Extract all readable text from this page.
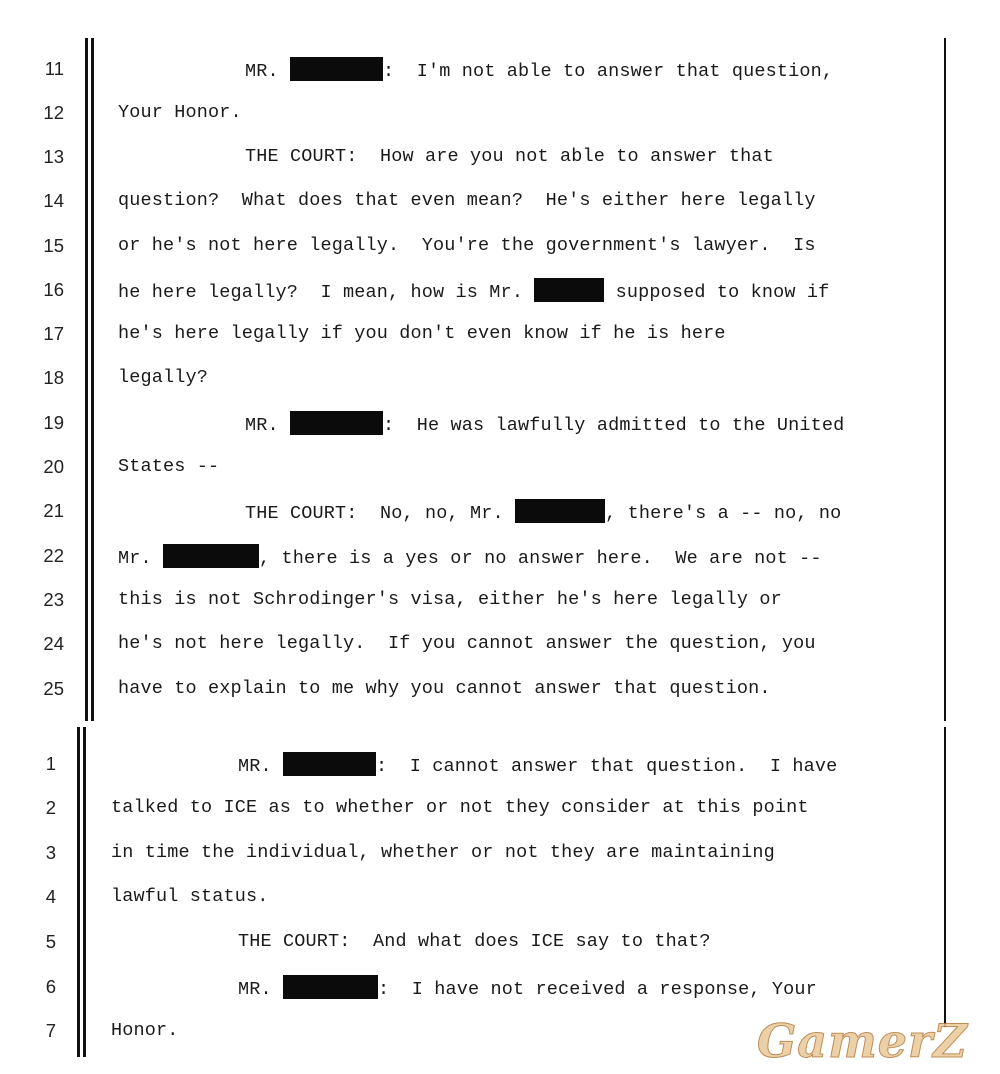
11
12
13
14
15
16
17
18
19
20
21
22
23
24
25
MR.	:  I'm not able to answer that question,
Your Honor.
THE COURT:  How are you not able to answer that
question?  What does that even mean?  He's either here legally
or he's not here legally.  You're the government's lawyer.  Is
he here legally?  I mean, how is Mr.	supposed to know if
he's here legally if you don't even know if he is here
legally?
MR.	:  He was lawfully admitted to the United
States --
THE COURT:  No, no, Mr.	, there's a -- no, no
Mr.	, there is a yes or no answer here.  We are not --
this is not Schrodinger's visa, either he's here legally or
he's not here legally.  If you cannot answer the question, you
have to explain to me why you cannot answer that question.
1
2
3
4
5
6
7
MR.	:  I cannot answer that question.  I have
talked to ICE as to whether or not they consider at this point
in time the individual, whether or not they are maintaining
lawful status.
THE COURT:  And what does ICE say to that?
MR.	:  I have not received a response, Your
Honor.	GamerZ
